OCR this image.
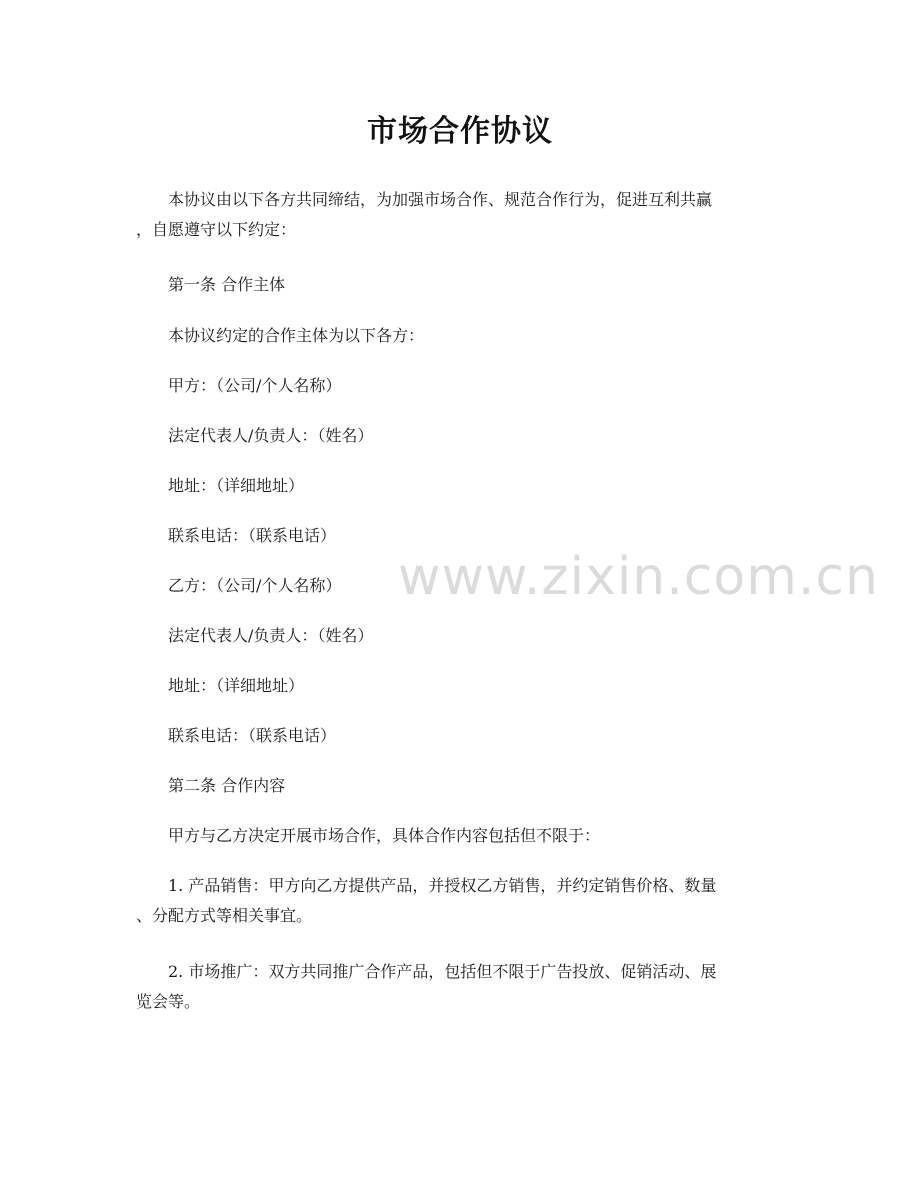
市场合作协议
本协议由以下各方共同缔结，为加强市场合作、规范合作行为，促进互利共赢
，自愿遵守以下约定：
第一条 合作主体
本协议约定的合作主体为以下各方：
甲方：（公司/个人名称）
法定代表人/负责人：（姓名）
地址：（详细地址）
联系电话：（联系电话）
乙方：（公司/个人名称）
法定代表人/负责人：（姓名）
地址：（详细地址）
联系电话：（联系电话）
第二条 合作内容
甲方与乙方决定开展市场合作，具体合作内容包括但不限于：
1. 产品销售：甲方向乙方提供产品，并授权乙方销售，并约定销售价格、数量
、分配方式等相关事宜。
2. 市场推广：双方共同推广合作产品，包括但不限于广告投放、促销活动、展
览会等。
www.zixin.com.cn
